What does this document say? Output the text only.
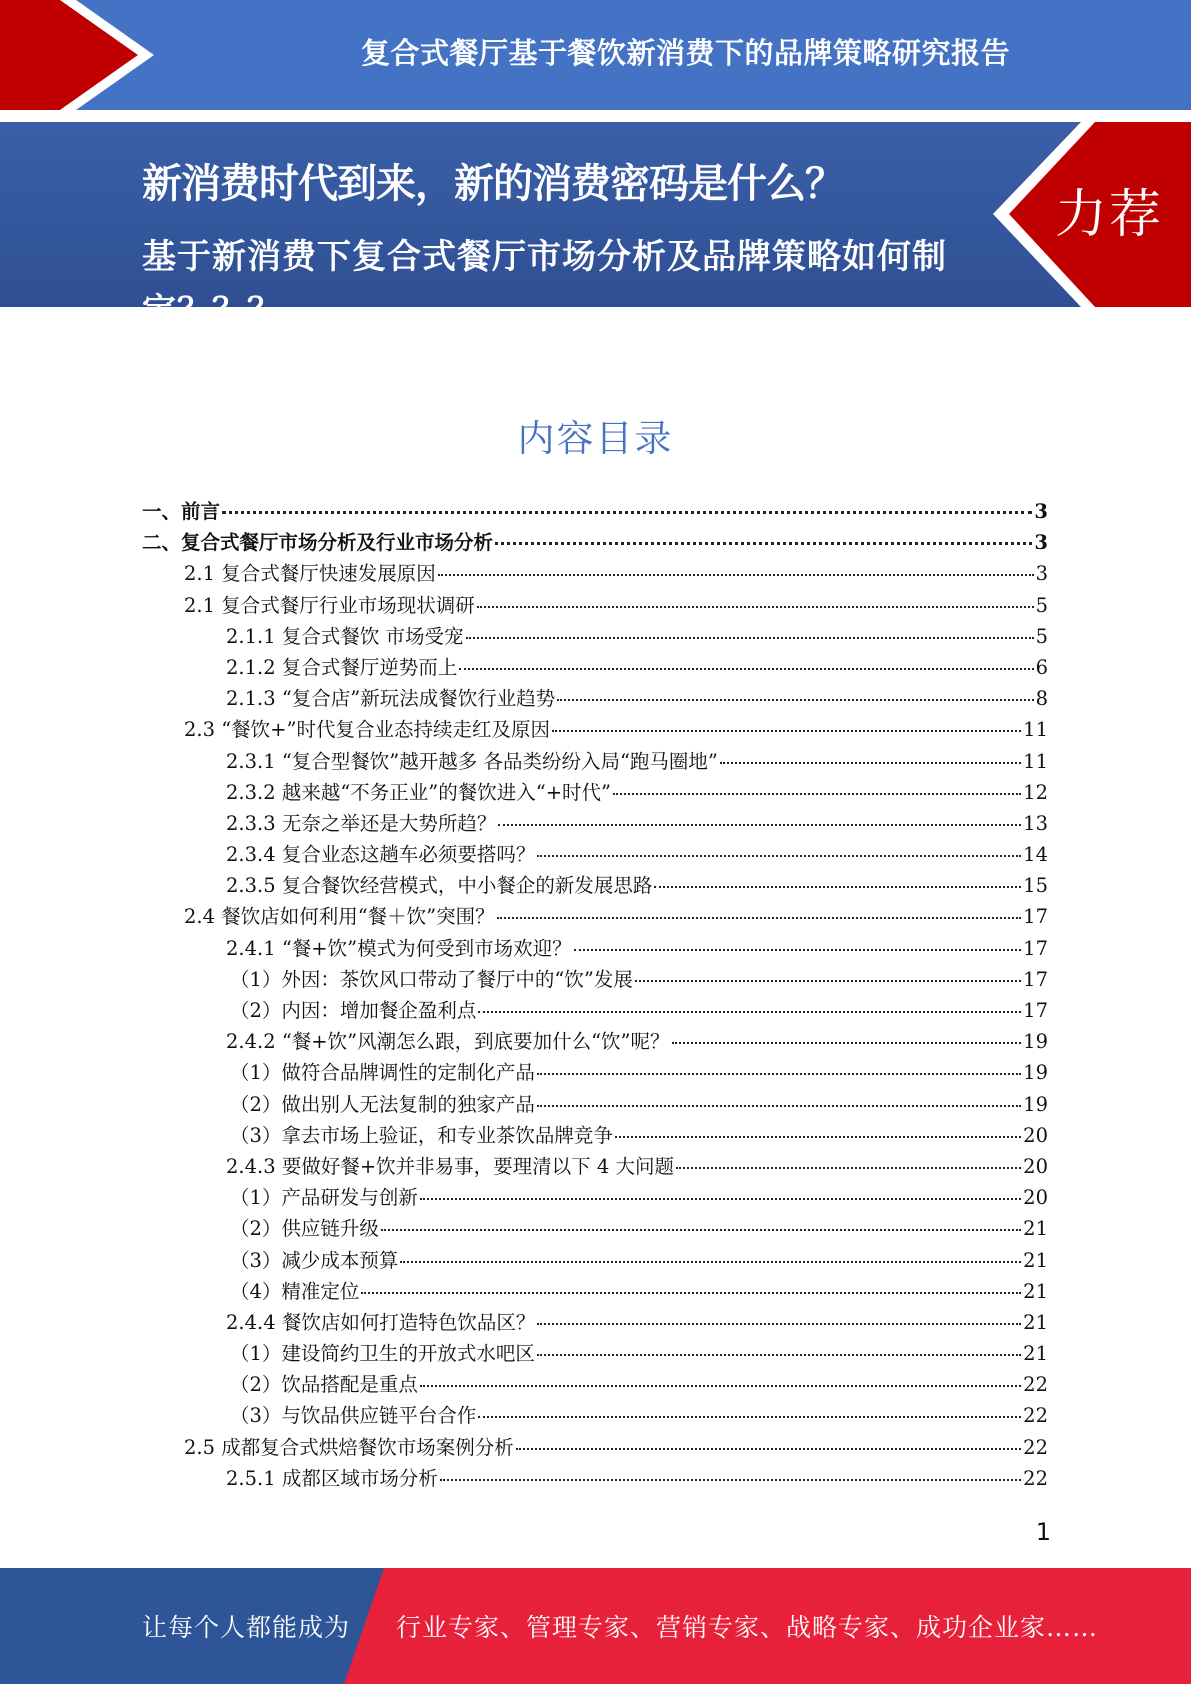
复合式餐厅基于餐饮新消费下的品牌策略研究报告
新消费时代到来，新的消费密码是什么？
基于新消费下复合式餐厅市场分析及品牌策略如何制定？？？
力荐
内容目录
一、前言	3
二、复合式餐厅市场分析及行业市场分析	3
2.1 复合式餐厅快速发展原因	3
2.1 复合式餐厅行业市场现状调研	5
2.1.1 复合式餐饮 市场受宠	5
2.1.2 复合式餐厅逆势而上	6
2.1.3 “复合店”新玩法成餐饮行业趋势	8
2.3 “餐饮+”时代复合业态持续走红及原因	11
2.3.1 “复合型餐饮”越开越多 各品类纷纷入局“跑马圈地”	11
2.3.2 越来越“不务正业”的餐饮进入“+时代”	12
2.3.3 无奈之举还是大势所趋？	13
2.3.4 复合业态这趟车必须要搭吗？	14
2.3.5 复合餐饮经营模式，中小餐企的新发展思路	15
2.4 餐饮店如何利用“餐＋饮”突围？	17
2.4.1 “餐+饮”模式为何受到市场欢迎？	17
（1）外因：茶饮风口带动了餐厅中的“饮”发展	17
（2）内因：增加餐企盈利点	17
2.4.2 “餐+饮”风潮怎么跟，到底要加什么“饮”呢？	19
（1）做符合品牌调性的定制化产品	19
（2）做出别人无法复制的独家产品	19
（3）拿去市场上验证，和专业茶饮品牌竞争	20
2.4.3 要做好餐+饮并非易事，要理清以下 4 大问题	20
（1）产品研发与创新	20
（2）供应链升级	21
（3）减少成本预算	21
（4）精准定位	21
2.4.4 餐饮店如何打造特色饮品区？	21
（1）建设简约卫生的开放式水吧区	21
（2）饮品搭配是重点	22
（3）与饮品供应链平台合作	22
2.5 成都复合式烘焙餐饮市场案例分析	22
2.5.1 成都区域市场分析	22
1
让每个人都能成为 行业专家、管理专家、营销专家、战略专家、成功企业家……
